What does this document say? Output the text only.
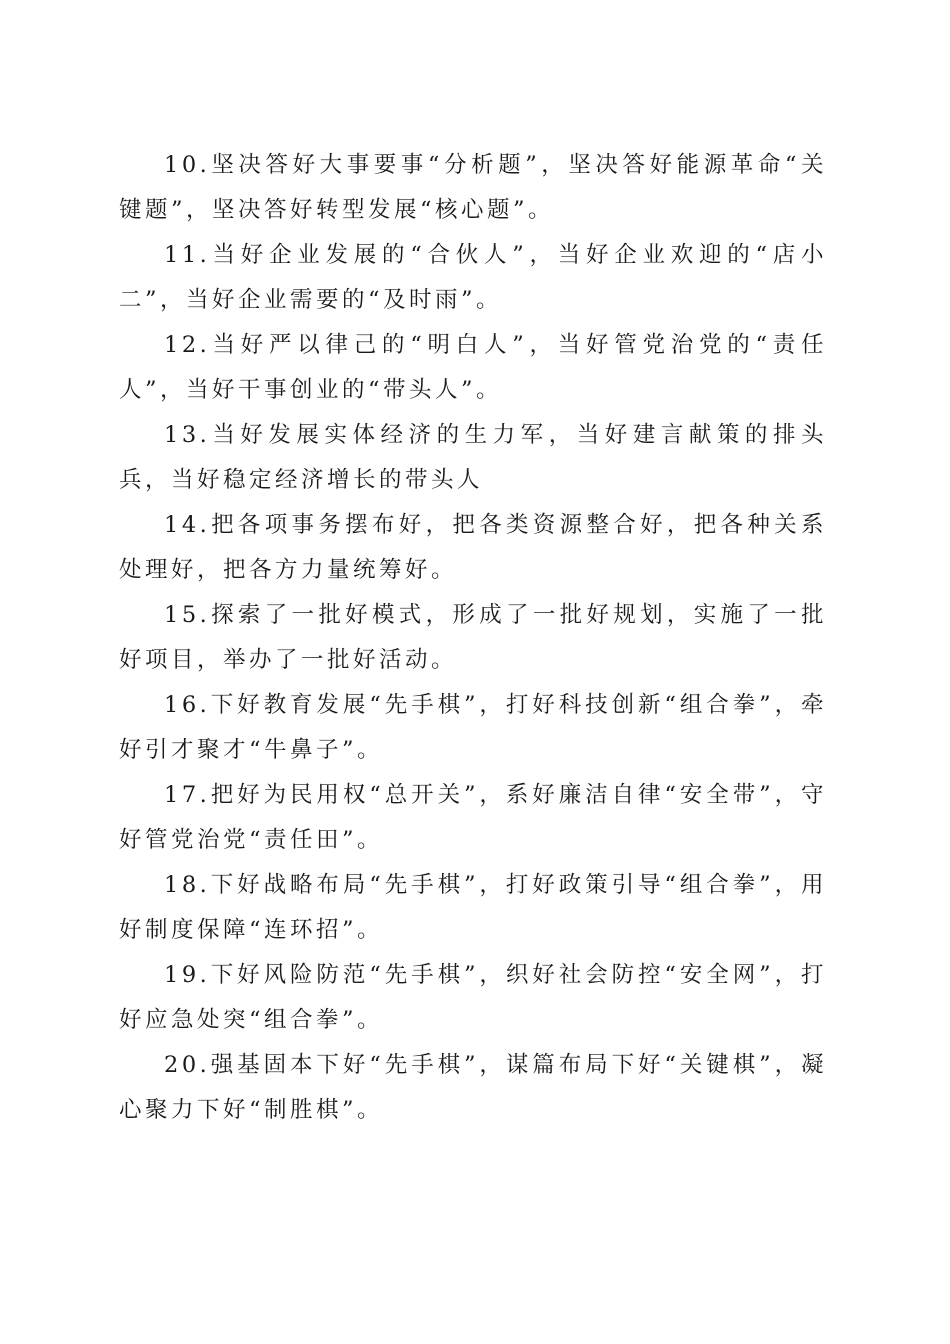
10.坚决答好大事要事“分析题”，坚决答好能源革命“关键题”，坚决答好转型发展“核心题”。

11.当好企业发展的“合伙人”，当好企业欢迎的“店小二”，当好企业需要的“及时雨”。

12.当好严以律己的“明白人”，当好管党治党的“责任人”，当好干事创业的“带头人”。

13.当好发展实体经济的生力军，当好建言献策的排头兵，当好稳定经济增长的带头人

14.把各项事务摆布好，把各类资源整合好，把各种关系处理好，把各方力量统筹好。

15.探索了一批好模式，形成了一批好规划，实施了一批好项目，举办了一批好活动。

16.下好教育发展“先手棋”，打好科技创新“组合拳”，牵好引才聚才“牛鼻子”。

17.把好为民用权“总开关”，系好廉洁自律“安全带”，守好管党治党“责任田”。

18.下好战略布局“先手棋”，打好政策引导“组合拳”，用好制度保障“连环招”。

19.下好风险防范“先手棋”，织好社会防控“安全网”，打好应急处突“组合拳”。

20.强基固本下好“先手棋”，谋篇布局下好“关键棋”，凝心聚力下好“制胜棋”。
